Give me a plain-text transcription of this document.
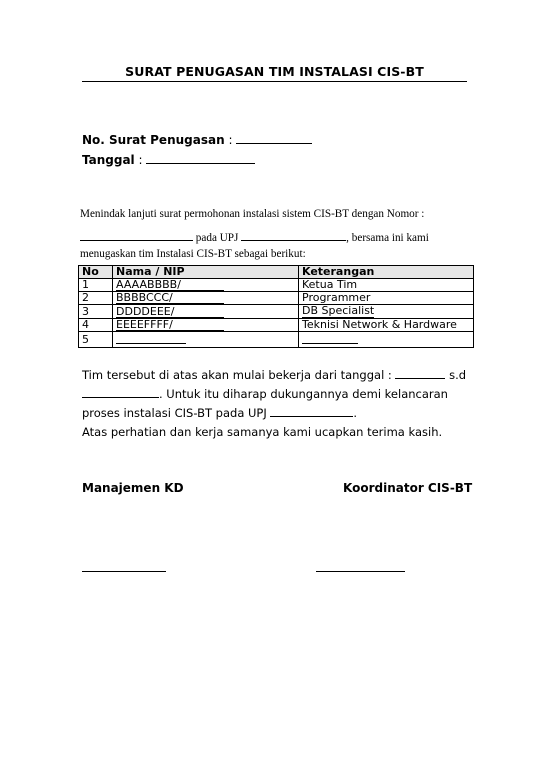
SURAT PENUGASAN TIM INSTALASI CIS-BT
No. Surat Penugasan :
Tanggal :
Menindak lanjuti surat permohonan instalasi sistem CIS-BT dengan Nomor :
pada UPJ	, bersama ini kami
menugaskan tim Instalasi CIS-BT sebagai berikut:
No	Nama / NIP	Keterangan
1	AAAABBBB/	Ketua Tim
2	BBBBCCC/	Programmer
3	DDDDEEE/	DB Specialist
4	EEEEFFFF/	Teknisi Network & Hardware
5		
Tim tersebut di atas akan mulai bekerja dari tanggal :	s.d
. Untuk itu diharap dukungannya demi kelancaran
proses instalasi CIS-BT pada UPJ	.
Atas perhatian dan kerja samanya kami ucapkan terima kasih.
Manajemen KD	Koordinator CIS-BT
